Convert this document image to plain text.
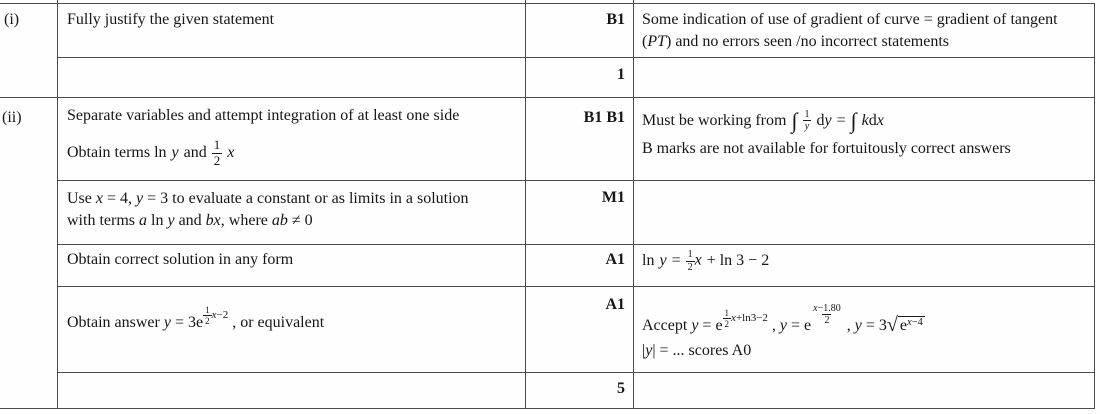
(i)
(ii)
Fully justify the given statement	B1 Some indication of use of gradient of curve = gradient of tangent
(PT) and no errors seen /no incorrect statements
1
Separate variables and attempt integration of at least one side
Obtain terms ln y and $\frac{1}{2}$ x
B1 B1 Must be working from ∫ $\frac{1}{y}$ dy = ∫ kdx
B marks are not available for fortuitously correct answers
Use x = 4, y = 3 to evaluate a constant or as limits in a solution
with terms a ln y and bx, where ab ≠ 0
M1
Obtain correct solution in any form	A1 $\ln y = \frac{1}{2}$ x + ln 3 − 2
Obtain answer $y = 3e \frac{1}{2} x-2$ , or equivalent
A1
Accept y = e $\frac{1}{2} x+\ln 3-2$ , y = e $\frac{x-1.80}{2}$ , y = 3√ $e^{x-4}$
|y| = ... scores A0
5
